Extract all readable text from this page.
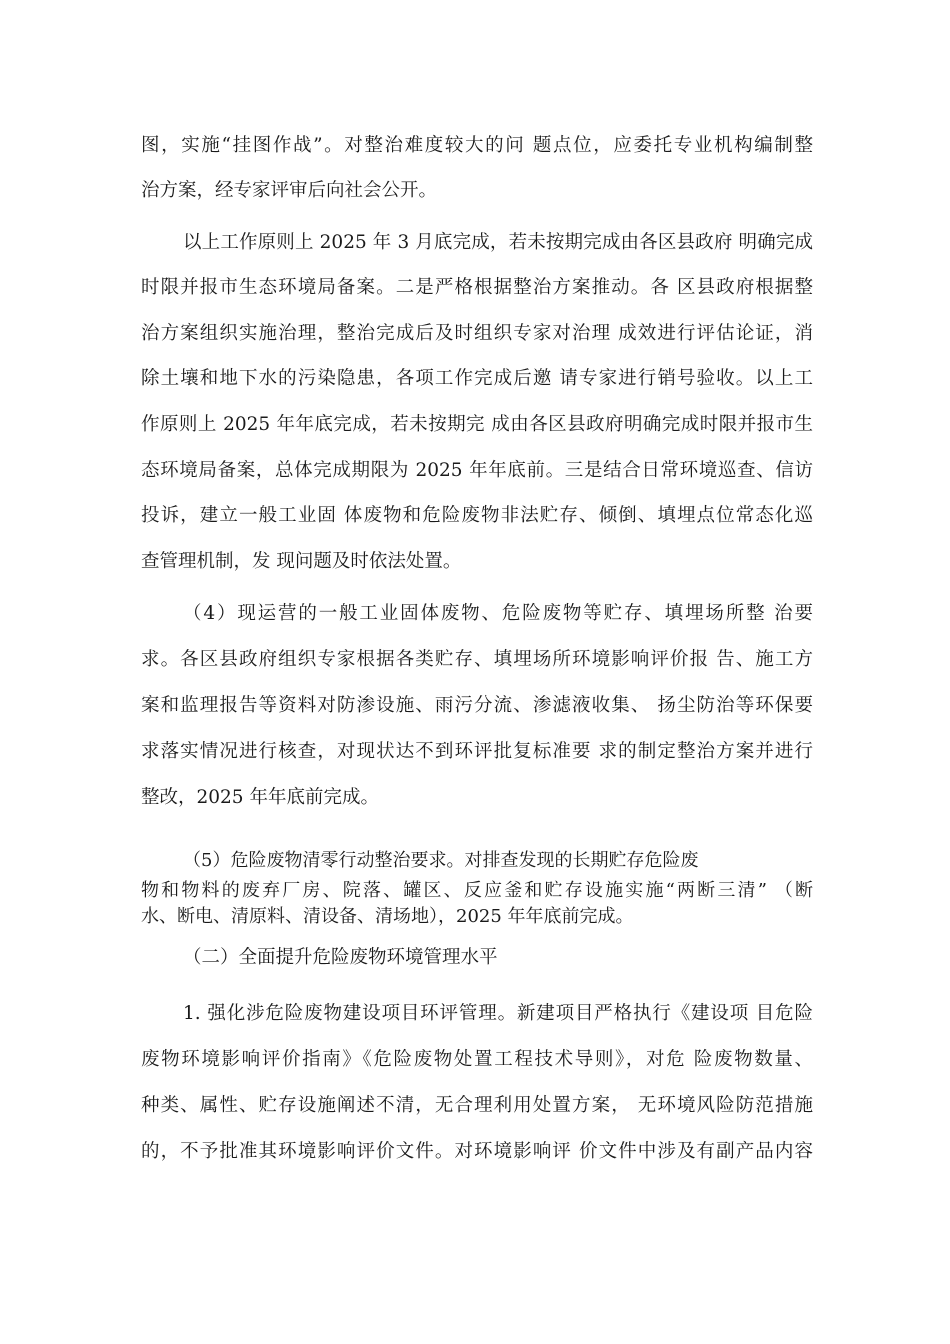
图，实施“挂图作战”。对整治难度较大的问 题点位，应委托专业机构编制整
治方案，经专家评审后向社会公开。
以上工作原则上 2025 年 3 月底完成，若未按期完成由各区县政府 明确完成
时限并报市生态环境局备案。二是严格根据整治方案推动。各 区县政府根据整
治方案组织实施治理，整治完成后及时组织专家对治理 成效进行评估论证，消
除土壤和地下水的污染隐患，各项工作完成后邀 请专家进行销号验收。以上工
作原则上 2025 年年底完成，若未按期完 成由各区县政府明确完成时限并报市生
态环境局备案，总体完成期限为 2025 年年底前。三是结合日常环境巡查、信访
投诉，建立一般工业固 体废物和危险废物非法贮存、倾倒、填埋点位常态化巡
查管理机制，发 现问题及时依法处置。
（4）现运营的一般工业固体废物、危险废物等贮存、填埋场所整 治要
求。各区县政府组织专家根据各类贮存、填埋场所环境影响评价报 告、施工方
案和监理报告等资料对防渗设施、雨污分流、渗滤液收集、 扬尘防治等环保要
求落实情况进行核查，对现状达不到环评批复标准要 求的制定整治方案并进行
整改，2025 年年底前完成。
（5）危险废物清零行动整治要求。对排查发现的长期贮存危险废
物和物料的废弃厂房、院落、罐区、反应釜和贮存设施实施“两断三清” （断
水、断电、清原料、清设备、清场地），2025 年年底前完成。
（二）全面提升危险废物环境管理水平
1. 强化涉危险废物建设项目环评管理。新建项目严格执行《建设项 目危险
废物环境影响评价指南》《危险废物处置工程技术导则》，对危 险废物数量、
种类、属性、贮存设施阐述不清，无合理利用处置方案， 无环境风险防范措施
的，不予批准其环境影响评价文件。对环境影响评 价文件中涉及有副产品内容
